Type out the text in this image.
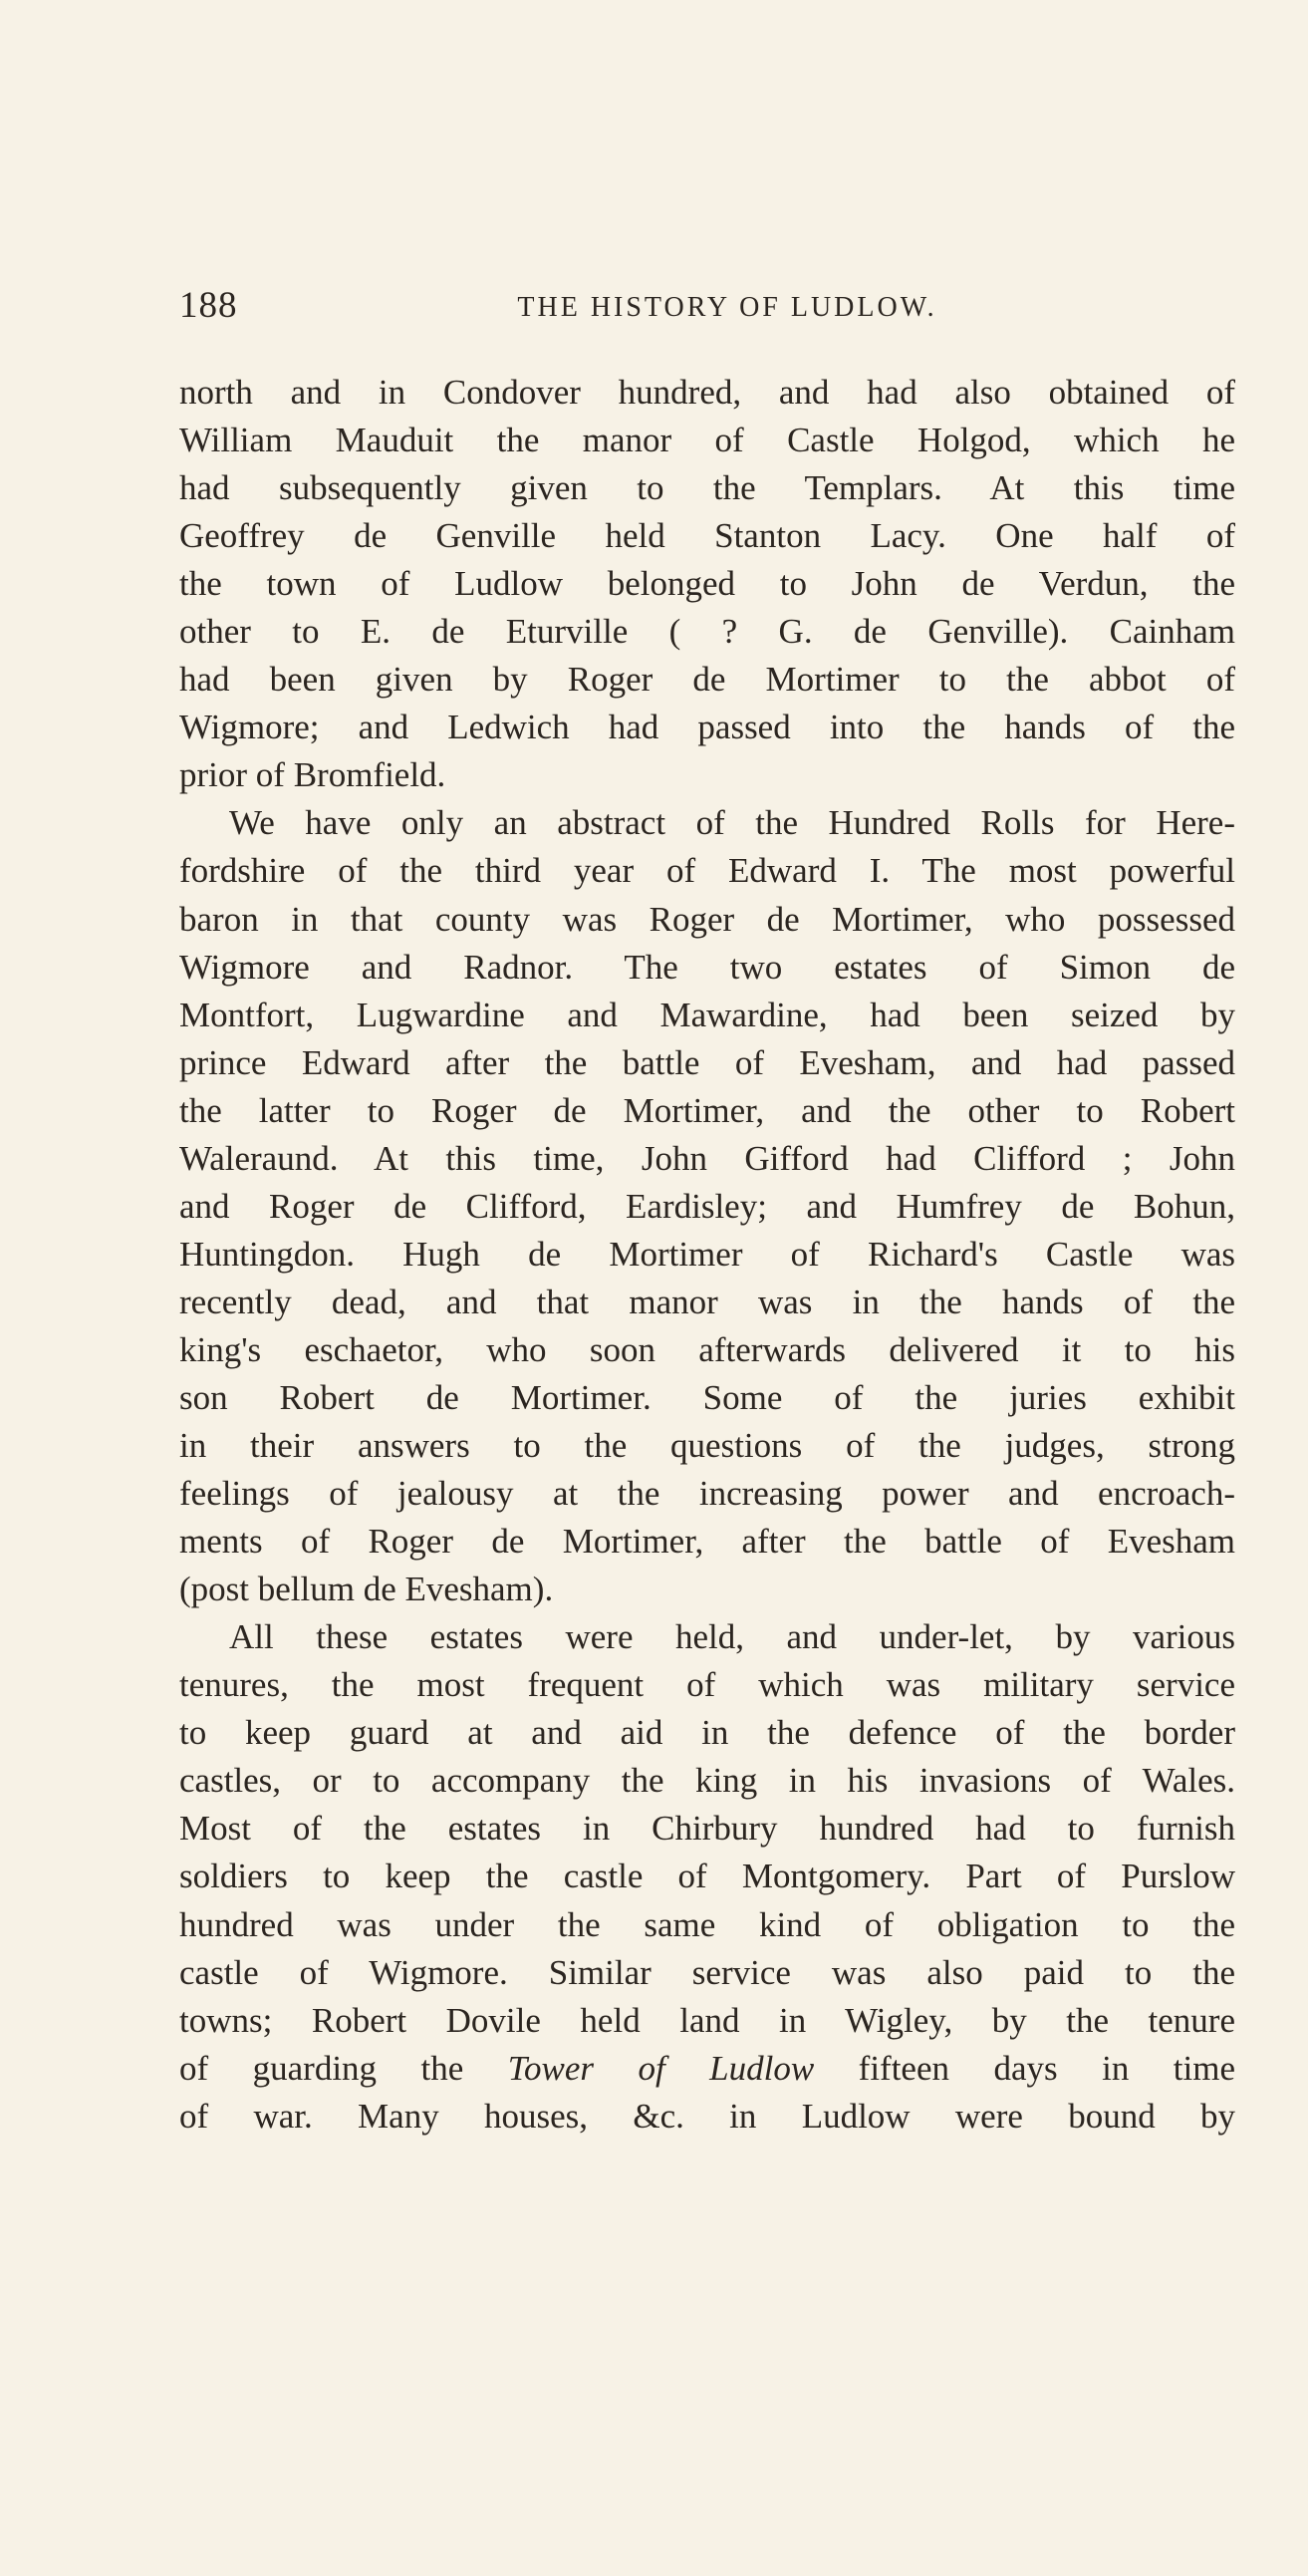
188	THE HISTORY OF LUDLOW.
north and in Condover hundred, and had also obtained of
William Mauduit the manor of Castle Holgod, which he
had subsequently given to the Templars. At this time
Geoffrey de Genville held Stanton Lacy. One half of
the town of Ludlow belonged to John de Verdun, the
other to E. de Eturville ( ? G. de Genville). Cainham
had been given by Roger de Mortimer to the abbot of
Wigmore; and Ledwich had passed into the hands of the
prior of Bromfield.
We have only an abstract of the Hundred Rolls for Here-
fordshire of the third year of Edward I. The most powerful
baron in that county was Roger de Mortimer, who possessed
Wigmore and Radnor. The two estates of Simon de
Montfort, Lugwardine and Mawardine, had been seized by
prince Edward after the battle of Evesham, and had passed
the latter to Roger de Mortimer, and the other to Robert
Waleraund. At this time, John Gifford had Clifford ; John
and Roger de Clifford, Eardisley; and Humfrey de Bohun,
Huntingdon. Hugh de Mortimer of Richard's Castle was
recently dead, and that manor was in the hands of the
king's eschaetor, who soon afterwards delivered it to his
son Robert de Mortimer. Some of the juries exhibit
in their answers to the questions of the judges, strong
feelings of jealousy at the increasing power and encroach-
ments of Roger de Mortimer, after the battle of Evesham
(post bellum de Evesham).
All these estates were held, and under-let, by various
tenures, the most frequent of which was military service
to keep guard at and aid in the defence of the border
castles, or to accompany the king in his invasions of Wales.
Most of the estates in Chirbury hundred had to furnish
soldiers to keep the castle of Montgomery. Part of Purslow
hundred was under the same kind of obligation to the
castle of Wigmore. Similar service was also paid to the
towns; Robert Dovile held land in Wigley, by the tenure
of guarding the Tower of Ludlow fifteen days in time
of war. Many houses, &c. in Ludlow were bound by
